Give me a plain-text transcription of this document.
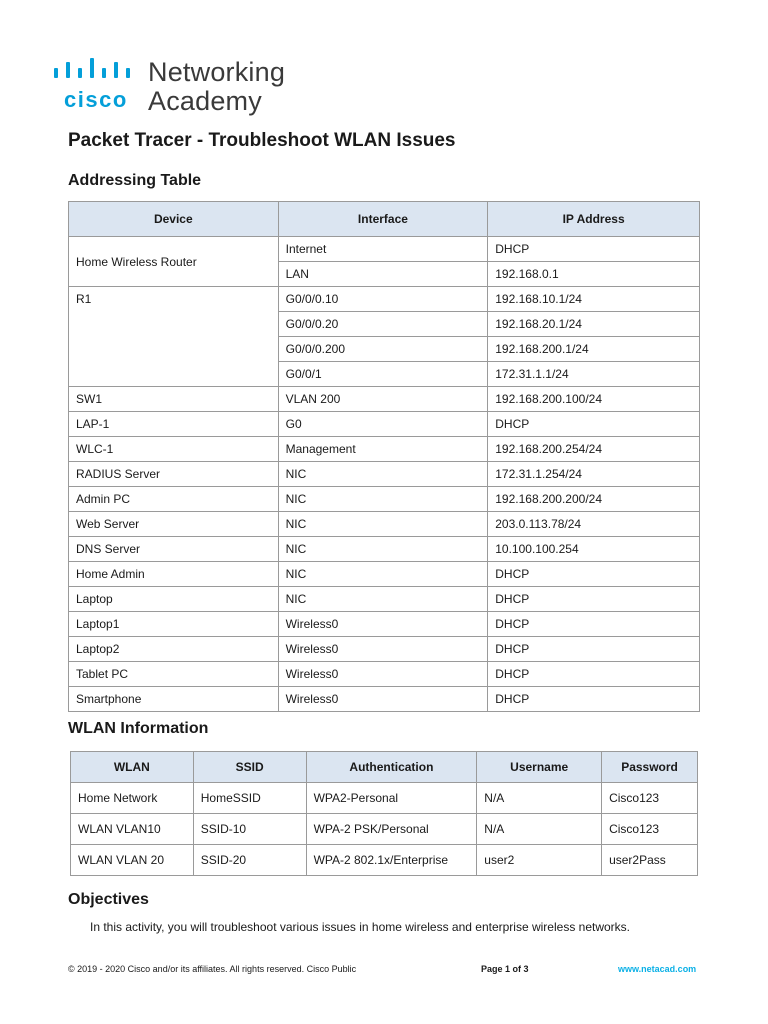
cisco
Networking
Academy
Packet Tracer - Troubleshoot WLAN Issues
Addressing Table
Device	Interface	IP Address
Home Wireless Router	Internet	DHCP
	LAN	192.168.0.1
R1	G0/0/0.10	192.168.10.1/24
	G0/0/0.20	192.168.20.1/24
	G0/0/0.200	192.168.200.1/24
	G0/0/1	172.31.1.1/24
SW1	VLAN 200	192.168.200.100/24
LAP-1	G0	DHCP
WLC-1	Management	192.168.200.254/24
RADIUS Server	NIC	172.31.1.254/24
Admin PC	NIC	192.168.200.200/24
Web Server	NIC	203.0.113.78/24
DNS Server	NIC	10.100.100.254
Home Admin	NIC	DHCP
Laptop	NIC	DHCP
Laptop1	Wireless0	DHCP
Laptop2	Wireless0	DHCP
Tablet PC	Wireless0	DHCP
Smartphone	Wireless0	DHCP
WLAN Information
WLAN	SSID	Authentication	Username	Password
Home Network	HomeSSID	WPA2-Personal	N/A	Cisco123
WLAN VLAN10	SSID-10	WPA-2 PSK/Personal	N/A	Cisco123
WLAN VLAN 20	SSID-20	WPA-2 802.1x/Enterprise	user2	user2Pass
Objectives

In this activity, you will troubleshoot various issues in home wireless and enterprise wireless networks.

© 2019 - 2020 Cisco and/or its affiliates. All rights reserved. Cisco Public	Page 1 of 3	www.netacad.com
